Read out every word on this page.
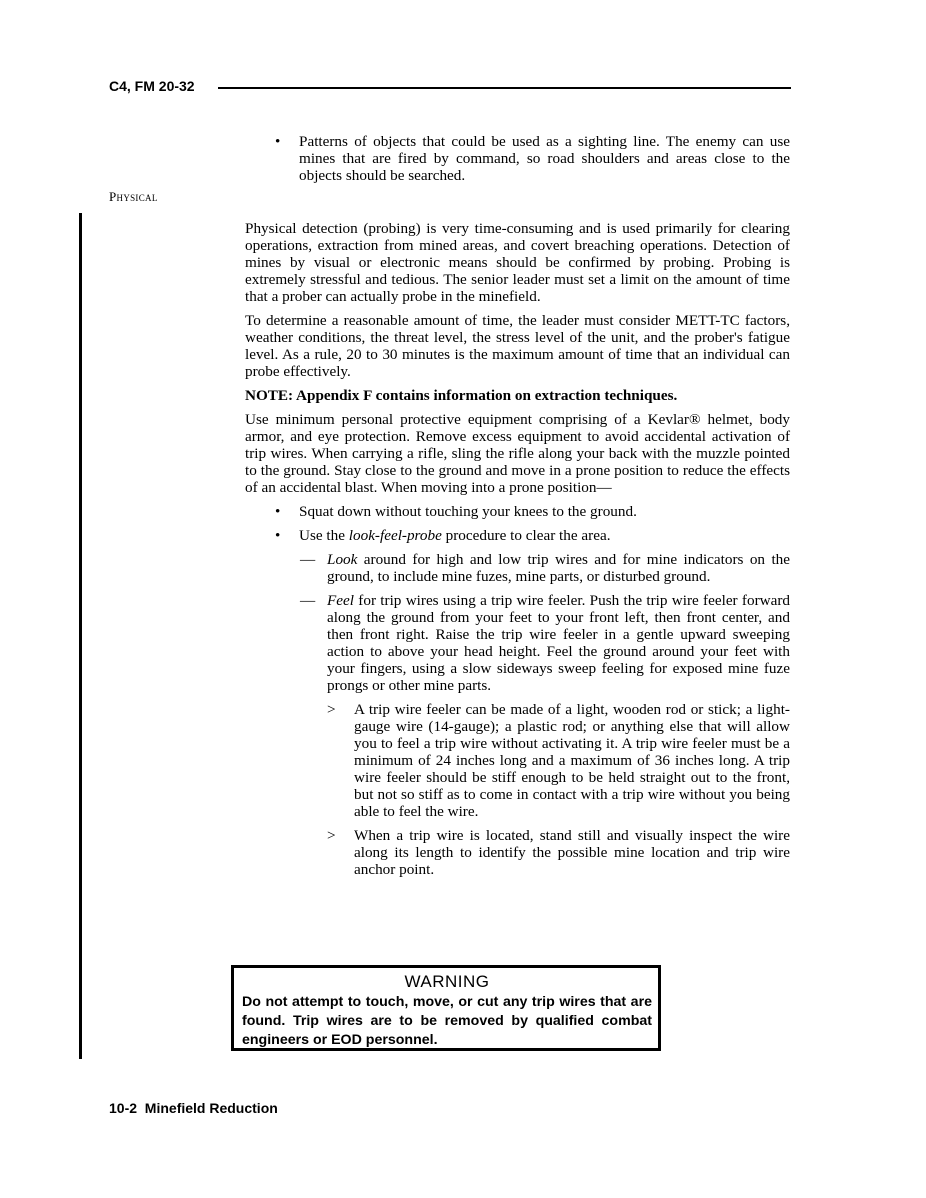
C4, FM 20-32
Physical
• Patterns of objects that could be used as a sighting line. The enemy can use mines that are fired by command, so road shoulders and areas close to the objects should be searched.

Physical detection (probing) is very time-consuming and is used primarily for clearing operations, extraction from mined areas, and covert breaching operations. Detection of mines by visual or electronic means should be confirmed by probing. Probing is extremely stressful and tedious. The senior leader must set a limit on the amount of time that a prober can actually probe in the minefield.

To determine a reasonable amount of time, the leader must consider METT-TC factors, weather conditions, the threat level, the stress level of the unit, and the prober's fatigue level. As a rule, 20 to 30 minutes is the maximum amount of time that an individual can probe effectively.

NOTE: Appendix F contains information on extraction techniques.

Use minimum personal protective equipment comprising of a Kevlar® helmet, body armor, and eye protection. Remove excess equipment to avoid accidental activation of trip wires. When carrying a rifle, sling the rifle along your back with the muzzle pointed to the ground. Stay close to the ground and move in a prone position to reduce the effects of an accidental blast. When moving into a prone position—

• Squat down without touching your knees to the ground.
• Use the look-feel-probe procedure to clear the area.
— Look around for high and low trip wires and for mine indicators on the ground, to include mine fuzes, mine parts, or disturbed ground.
— Feel for trip wires using a trip wire feeler. Push the trip wire feeler forward along the ground from your feet to your front left, then front center, and then front right. Raise the trip wire feeler in a gentle upward sweeping action to above your head height. Feel the ground around your feet with your fingers, using a slow sideways sweep feeling for exposed mine fuze prongs or other mine parts.
> A trip wire feeler can be made of a light, wooden rod or stick; a light-gauge wire (14-gauge); a plastic rod; or anything else that will allow you to feel a trip wire without activating it. A trip wire feeler must be a minimum of 24 inches long and a maximum of 36 inches long. A trip wire feeler should be stiff enough to be held straight out to the front, but not so stiff as to come in contact with a trip wire without you being able to feel the wire.
> When a trip wire is located, stand still and visually inspect the wire along its length to identify the possible mine location and trip wire anchor point.
WARNING
Do not attempt to touch, move, or cut any trip wires that are found. Trip wires are to be removed by qualified combat engineers or EOD personnel.
10-2  Minefield Reduction
